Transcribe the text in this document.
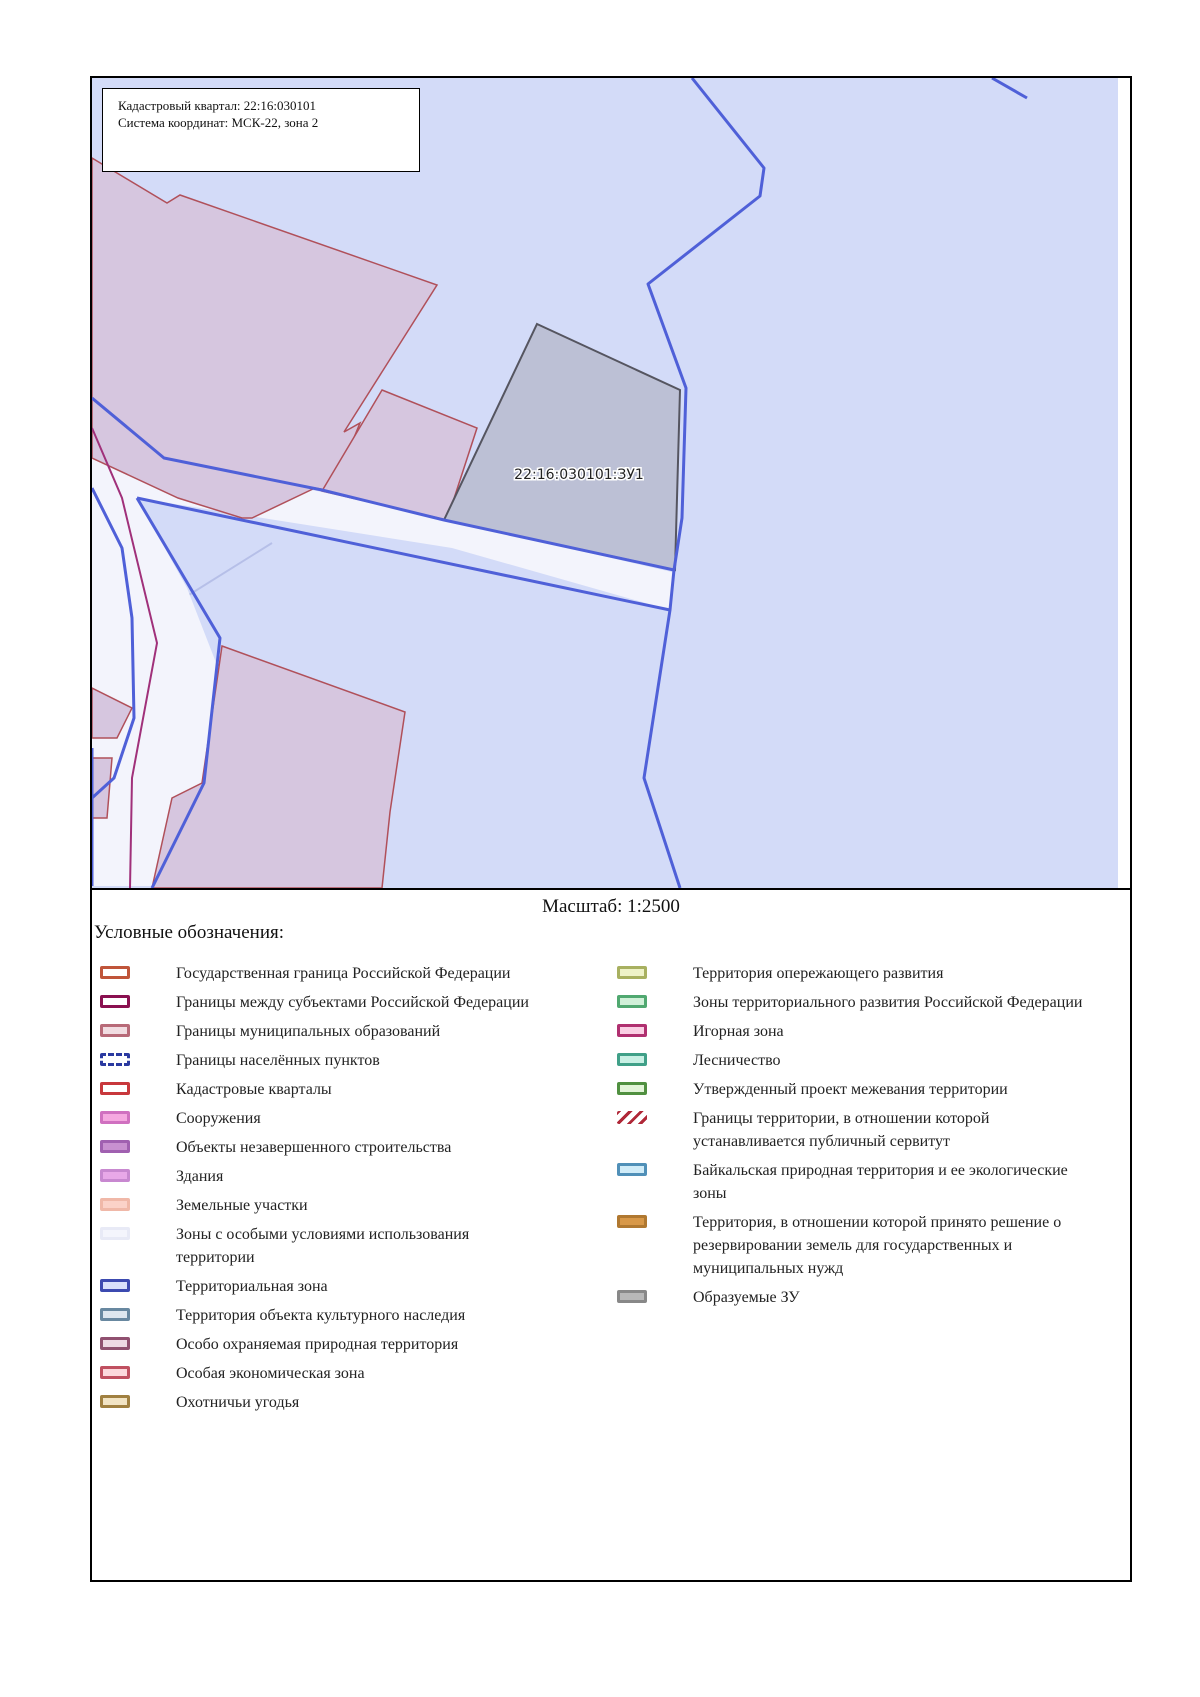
22:16:030101:ЗУ1
Кадастровый квартал: 22:16:030101
Система координат: МСК-22, зона 2
Масштаб: 1:2500
Условные обозначения:
Государственная граница Российской Федерации
Границы между субъектами Российской Федерации
Границы муниципальных образований
Границы населённых пунктов
Кадастровые кварталы
Сооружения
Объекты незавершенного строительства
Здания
Земельные участки
Зоны с особыми условиями использования территории
Территориальная зона
Территория объекта культурного наследия
Особо охраняемая природная территория
Особая экономическая зона
Охотничьи угодья
Территория опережающего развития
Зоны территориального развития Российской Федерации
Игорная зона
Лесничество
Утвержденный проект межевания территории
Границы территории, в отношении которой устанавливается публичный сервитут
Байкальская природная территория и ее экологические зоны
Территория, в отношении которой принято решение о резервировании земель для государственных и муниципальных нужд
Образуемые ЗУ
